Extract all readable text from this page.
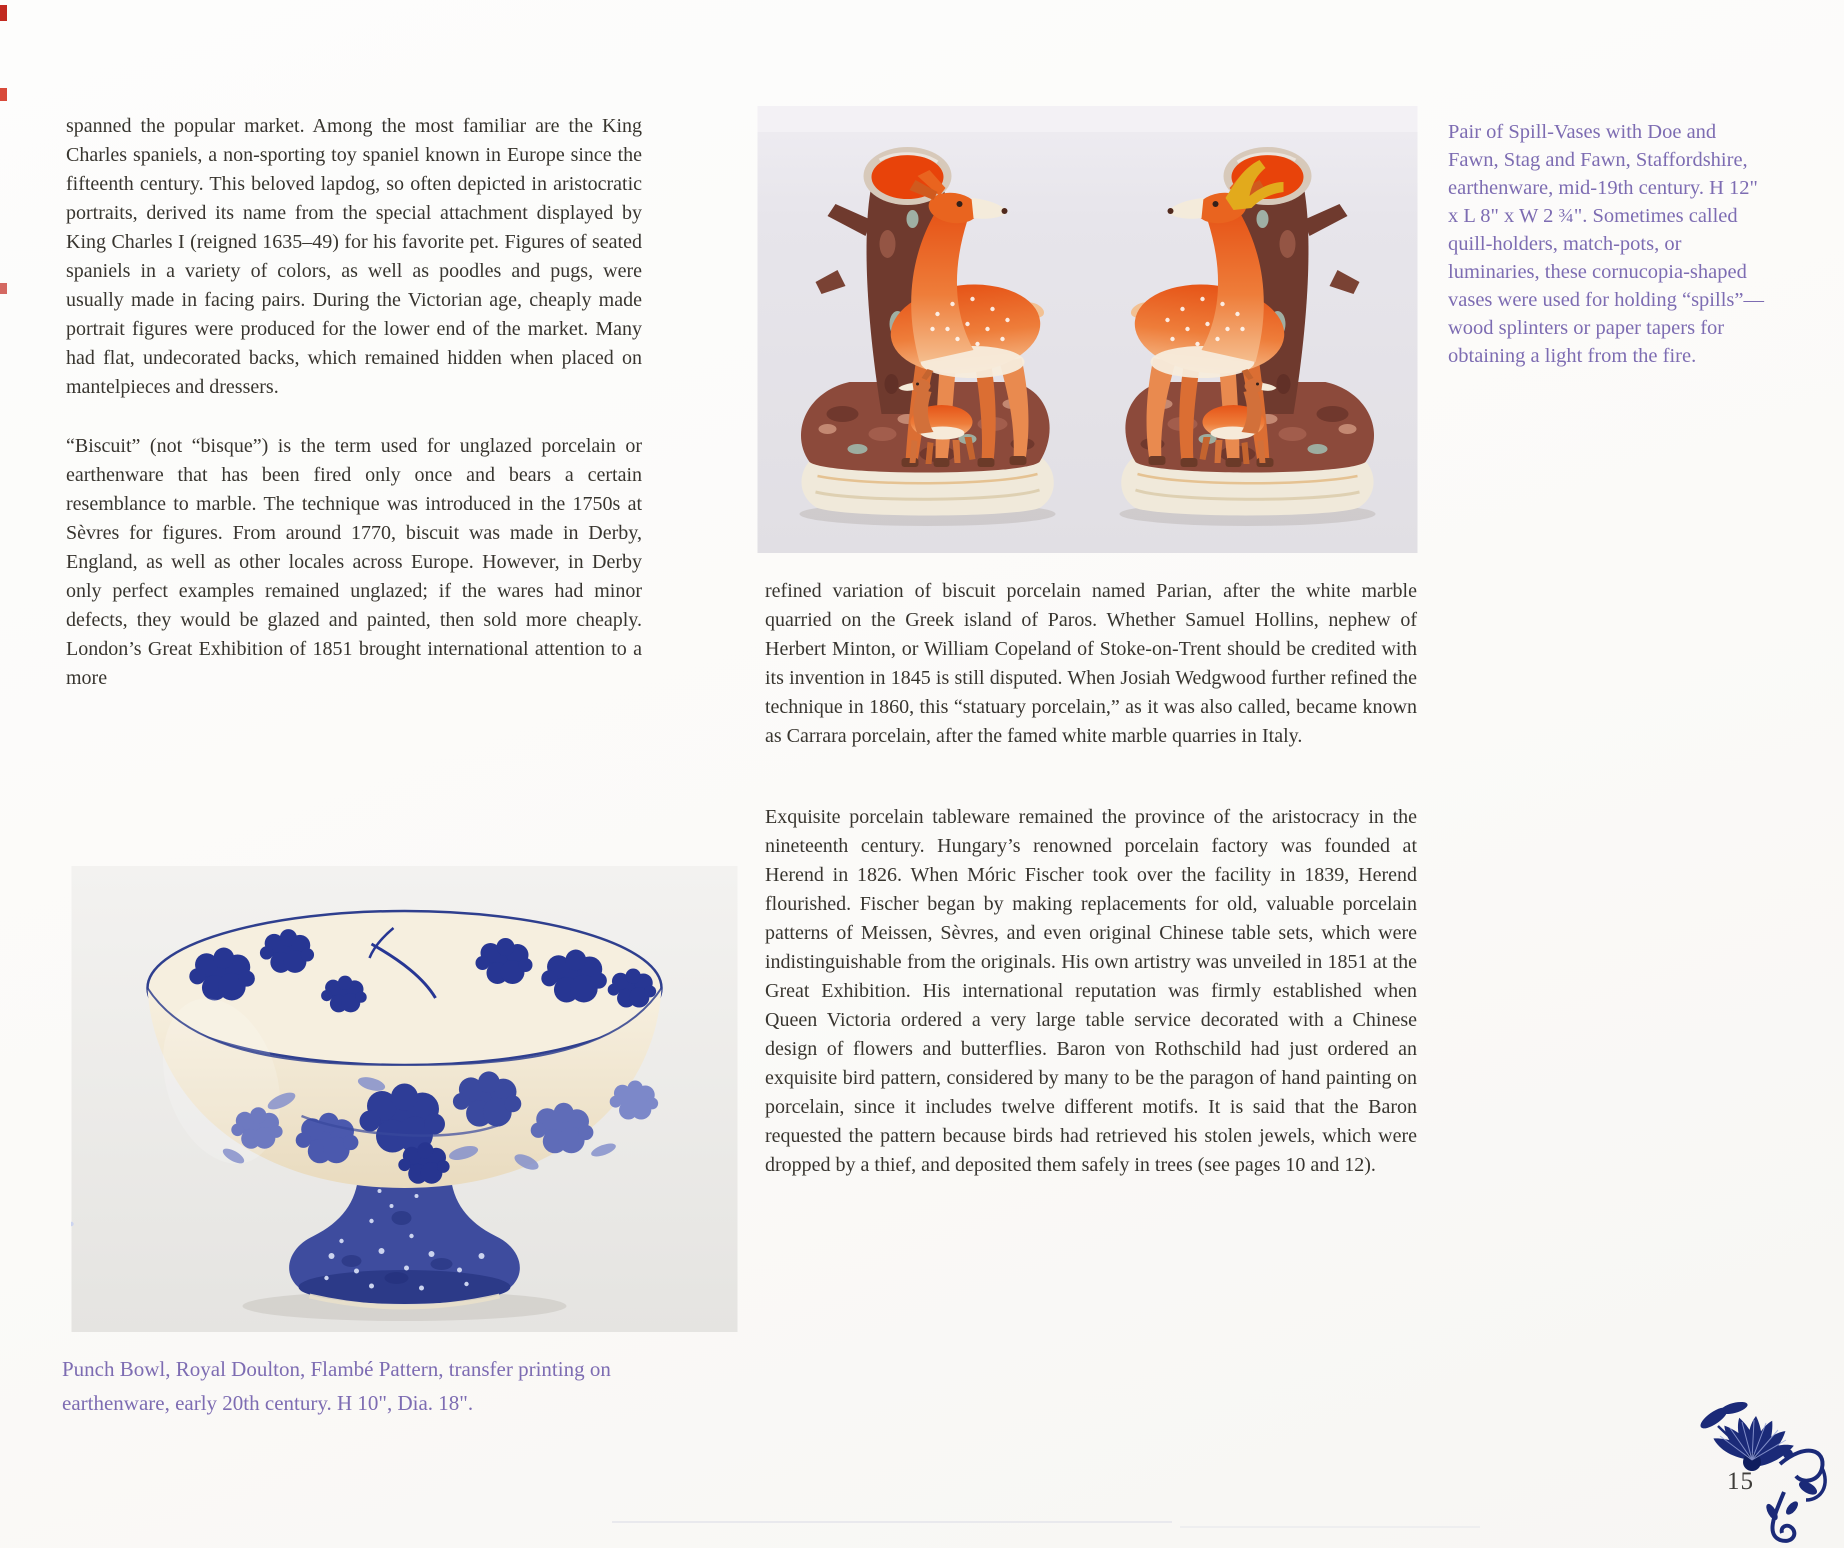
spanned the popular market. Among the most familiar are the King Charles spaniels, a non-sporting toy spaniel known in Europe since the fifteenth century. This beloved lapdog, so often depicted in aristocratic portraits, derived its name from the special attachment displayed by King Charles I (reigned 1635–49) for his favorite pet. Figures of seated spaniels in a variety of colors, as well as poodles and pugs, were usually made in facing pairs. During the Victorian age, cheaply made portrait figures were produced for the lower end of the market. Many had flat, undecorated backs, which remained hidden when placed on mantelpieces and dressers.

“Biscuit” (not “bisque”) is the term used for unglazed porcelain or earthenware that has been fired only once and bears a certain resemblance to marble. The technique was introduced in the 1750s at Sèvres for figures. From around 1770, biscuit was made in Derby, England, as well as other locales across Europe. However, in Derby only perfect examples remained unglazed; if the wares had minor defects, they would be glazed and painted, then sold more cheaply. London’s Great Exhibition of 1851 brought international attention to a more

Pair of Spill-Vases with Doe and Fawn, Stag and Fawn, Staffordshire, earthenware, mid-19th century. H 12" x L 8" x W 2 ¾". Sometimes called quill-holders, match-pots, or luminaries, these cornucopia-shaped vases were used for holding “spills”—wood splinters or paper tapers for obtaining a light from the fire.

refined variation of biscuit porcelain named Parian, after the white marble quarried on the Greek island of Paros. Whether Samuel Hollins, nephew of Herbert Minton, or William Copeland of Stoke-on-Trent should be credited with its invention in 1845 is still disputed. When Josiah Wedgwood further refined the technique in 1860, this “statuary porcelain,” as it was also called, became known as Carrara porcelain, after the famed white marble quarries in Italy.

Exquisite porcelain tableware remained the province of the aristocracy in the nineteenth century. Hungary’s renowned porcelain factory was founded at Herend in 1826. When Móric Fischer took over the facility in 1839, Herend flourished. Fischer began by making replacements for old, valuable porcelain patterns of Meissen, Sèvres, and even original Chinese table sets, which were indistinguishable from the originals. His own artistry was unveiled in 1851 at the Great Exhibition. His international reputation was firmly established when Queen Victoria ordered a very large table service decorated with a Chinese design of flowers and butterflies. Baron von Rothschild had just ordered an exquisite bird pattern, considered by many to be the paragon of hand painting on porcelain, since it includes twelve different motifs. It is said that the Baron requested the pattern because birds had retrieved his stolen jewels, which were dropped by a thief, and deposited them safely in trees (see pages 10 and 12).

Punch Bowl, Royal Doulton, Flambé Pattern, transfer printing on earthenware, early 20th century. H 10", Dia. 18".
15
